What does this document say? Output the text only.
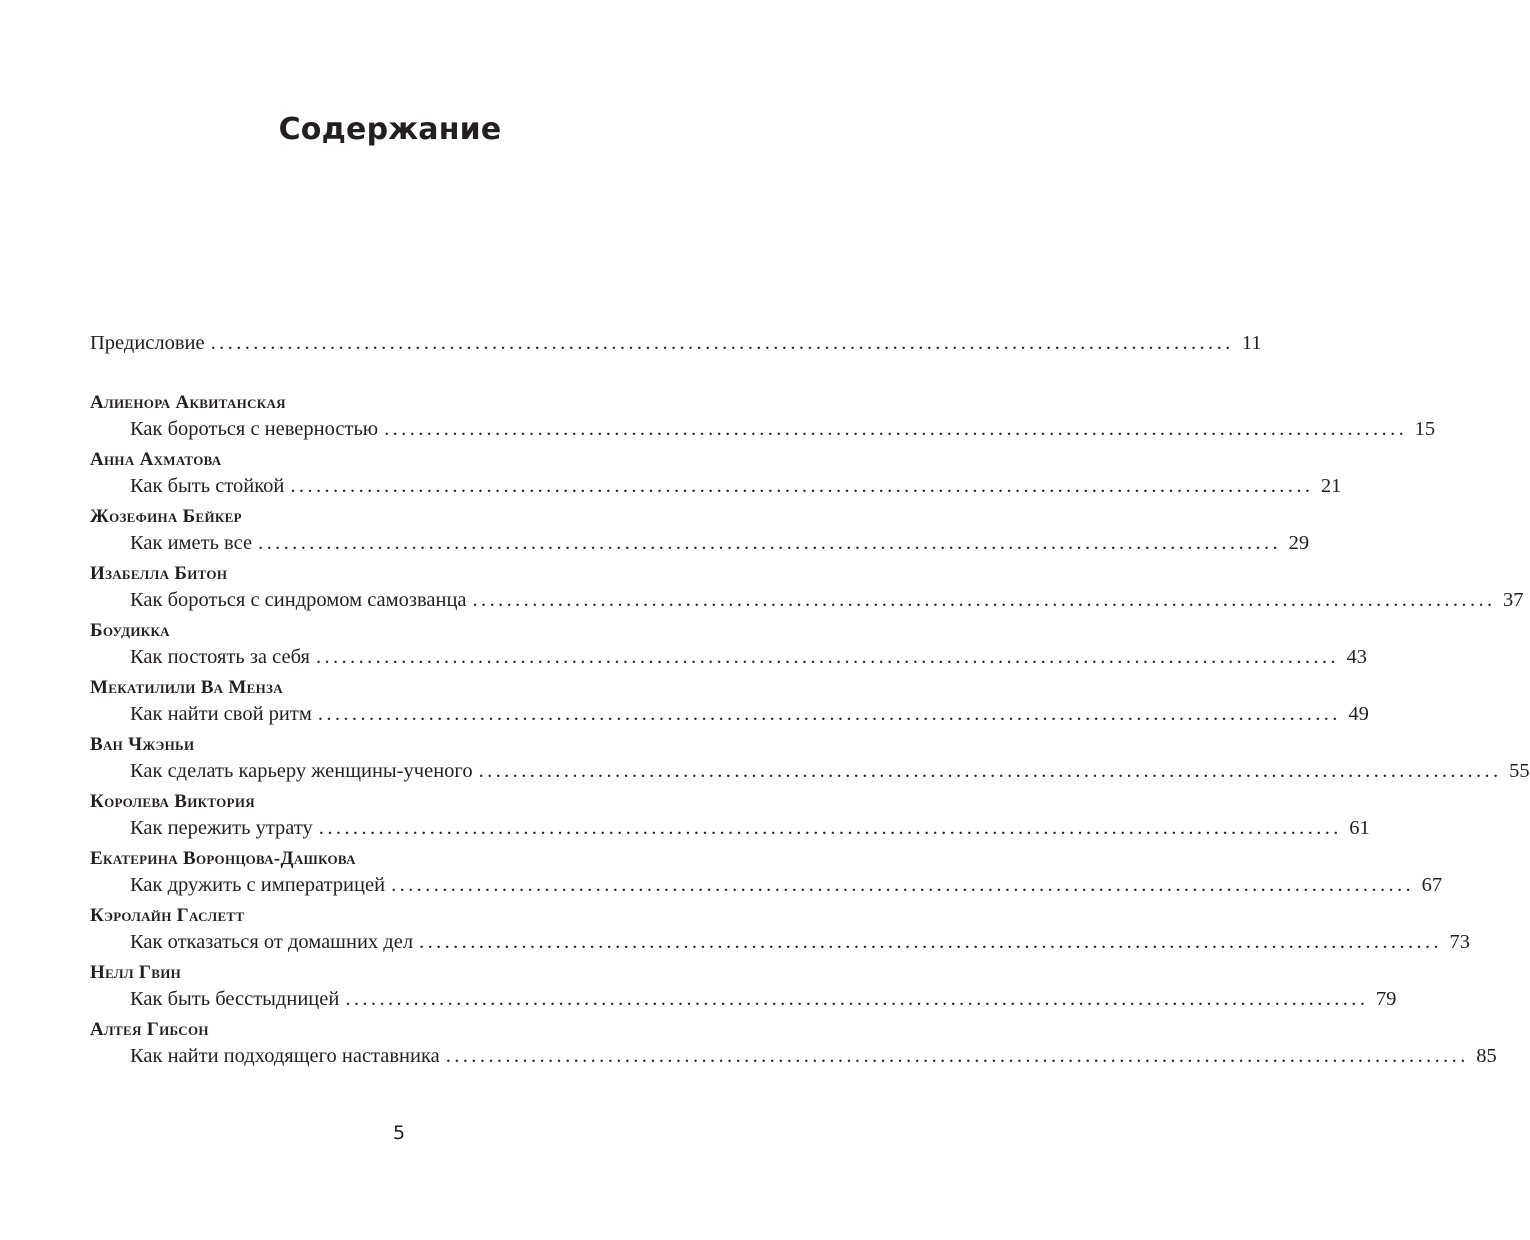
Содержание
Предисловие ........................................................................................................................ 11
Алиенора Аквитанская
Как бороться с неверностью ........................................................................................................................ 15
Анна Ахматова
Как быть стойкой ........................................................................................................................ 21
Жозефина Бейкер
Как иметь все ........................................................................................................................ 29
Изабелла Битон
Как бороться с синдромом самозванца ........................................................................................................................ 37
Боудикка
Как постоять за себя ........................................................................................................................ 43
Мекатилили Ва Менза
Как найти свой ритм ........................................................................................................................ 49
Ван Чжэньи
Как сделать карьеру женщины-ученого ........................................................................................................................ 55
Королева Виктория
Как пережить утрату ........................................................................................................................ 61
Екатерина Воронцова-Дашкова
Как дружить с императрицей ........................................................................................................................ 67
Кэролайн Гаслетт
Как отказаться от домашних дел ........................................................................................................................ 73
Нелл Гвин
Как быть бесстыдницей ........................................................................................................................ 79
Алтея Гибсон
Как найти подходящего наставника ........................................................................................................................ 85
5
